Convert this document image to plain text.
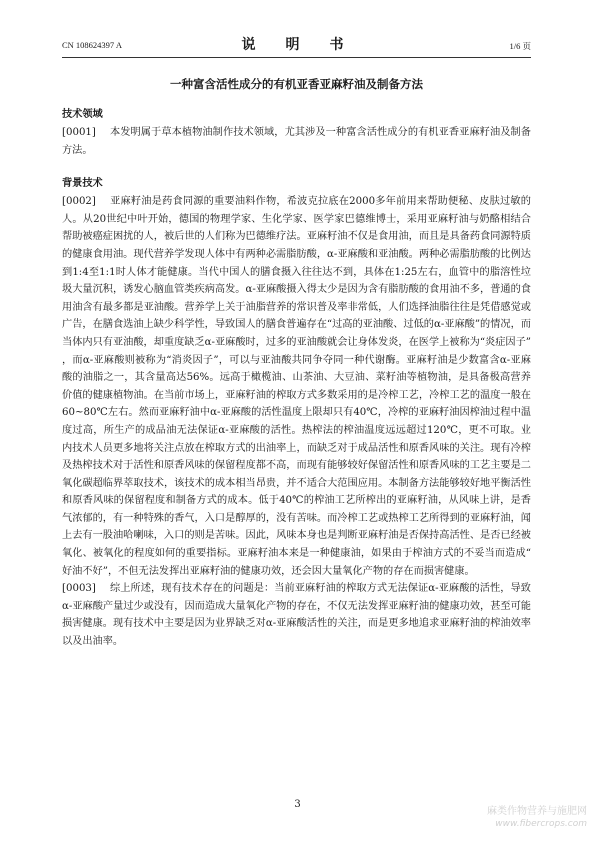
CN 108624397 A	说　明　书	1/6 页
一种富含活性成分的有机亚香亚麻籽油及制备方法
技术领域

[0001] 本发明属于草本植物油制作技术领域，尤其涉及一种富含活性成分的有机亚香亚麻籽油及制备方法。

背景技术

[0002] 亚麻籽油是药食同源的重要油料作物，希波克拉底在2000多年前用来帮助便秘、皮肤过敏的人。从20世纪中叶开始，德国的物理学家、生化学家、医学家巴德维博士，采用亚麻籽油与奶酪相结合帮助被癌症困扰的人，被后世的人们称为巴德维疗法。亚麻籽油不仅是食用油，而且是具备药食同源特质的健康食用油。现代营养学发现人体中有两种必需脂肪酸，α-亚麻酸和亚油酸。两种必需脂肪酸的比例达到1:4至1:1时人体才能健康。当代中国人的膳食摄入往往达不到，具体在1:25左右，血管中的脂溶性垃圾大量沉积，诱发心脑血管类疾病高发。α-亚麻酸摄入得太少是因为含有脂肪酸的食用油不多，普通的食用油含有最多都是亚油酸。营养学上关于油脂营养的常识普及率非常低，人们选择油脂往往是凭借感觉或广告，在膳食选油上缺少科学性，导致国人的膳食普遍存在“过高的亚油酸、过低的α-亚麻酸”的情况，而当体内只有亚油酸，却重度缺乏α-亚麻酸时，过多的亚油酸就会让身体发炎，在医学上被称为“炎症因子”，而α-亚麻酸则被称为“消炎因子”，可以与亚油酸共同争夺同一种代谢酶。亚麻籽油是少数富含α-亚麻酸的油脂之一，其含量高达56%。远高于橄榄油、山茶油、大豆油、菜籽油等植物油，是具备极高营养价值的健康植物油。在当前市场上，亚麻籽油的榨取方式多数采用的是冷榨工艺，冷榨工艺的温度一般在60~80℃左右。然而亚麻籽油中α-亚麻酸的活性温度上限却只有40℃，冷榨的亚麻籽油因榨油过程中温度过高，所生产的成品油无法保证α-亚麻酸的活性。热榨法的榨油温度远远超过120℃，更不可取。业内技术人员更多地将关注点放在榨取方式的出油率上，而缺乏对于成品活性和原香风味的关注。现有冷榨及热榨技术对于活性和原香风味的保留程度都不高，而现有能够较好保留活性和原香风味的工艺主要是二氧化碳超临界萃取技术，该技术的成本相当昂贵，并不适合大范围应用。本制备方法能够较好地平衡活性和原香风味的保留程度和制备方式的成本。低于40℃的榨油工艺所榨出的亚麻籽油，从风味上讲，是香气浓郁的，有一种特殊的香气，入口是醇厚的，没有苦味。而冷榨工艺或热榨工艺所得到的亚麻籽油，闻上去有一股油哈喇味，入口的则是苦味。因此，风味本身也是判断亚麻籽油是否保持高活性、是否已经被氧化、被氧化的程度如何的重要指标。亚麻籽油本来是一种健康油，如果由于榨油方式的不妥当而造成“好油不好”，不但无法发挥出亚麻籽油的健康功效，还会因大量氧化产物的存在而损害健康。

[0003] 综上所述，现有技术存在的问题是：当前亚麻籽油的榨取方式无法保证α-亚麻酸的活性，导致α-亚麻酸产量过少或没有，因而造成大量氧化产物的存在，不仅无法发挥亚麻籽油的健康功效，甚至可能损害健康。现有技术中主要是因为业界缺乏对α-亚麻酸活性的关注，而是更多地追求亚麻籽油的榨油效率以及出油率。

3
麻类作物营养与施肥网
www.fibercrops.com
